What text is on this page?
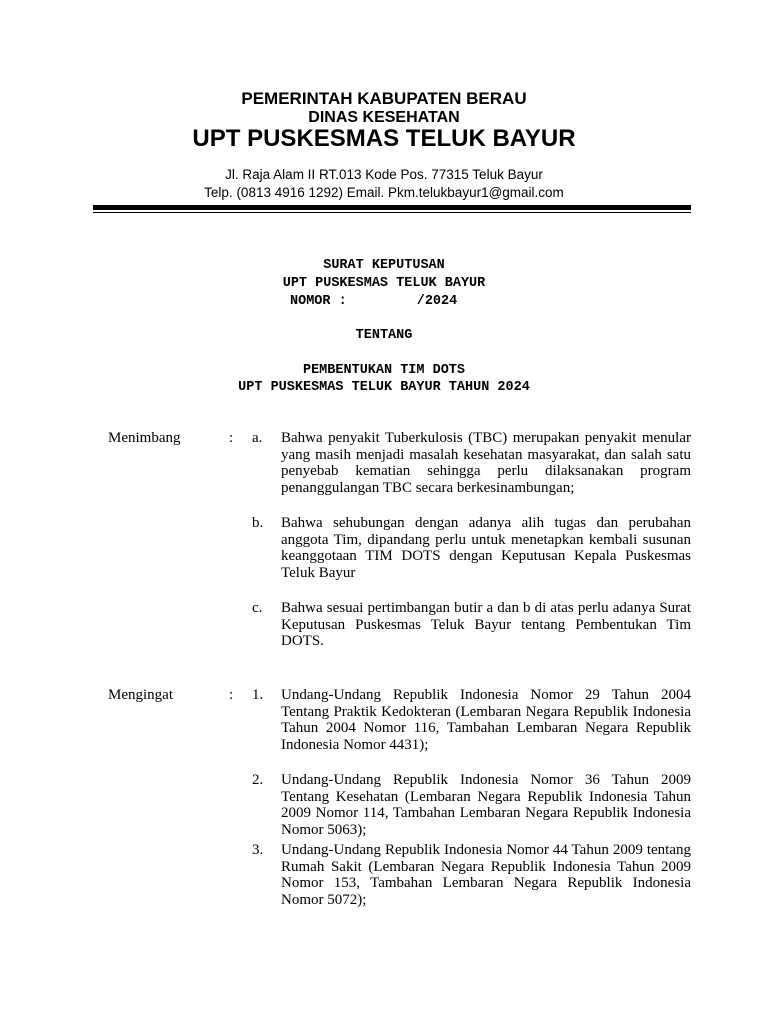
PEMERINTAH KABUPATEN BERAU
DINAS KESEHATAN
UPT PUSKESMAS TELUK BAYUR
Jl. Raja Alam II RT.013 Kode Pos. 77315 Teluk Bayur
Telp. (0813 4916 1292) Email. Pkm.telukbayur1@gmail.com
SURAT KEPUTUSAN
UPT PUSKESMAS TELUK BAYUR
NOMOR :	/2024
TENTANG
PEMBENTUKAN TIM DOTS
UPT PUSKESMAS TELUK BAYUR TAHUN 2024
Menimbang	: a. Bahwa penyakit Tuberkulosis (TBC) merupakan penyakit menular yang masih menjadi masalah kesehatan masyarakat, dan salah satu penyebab kematian sehingga perlu dilaksanakan program penanggulangan TBC secara berkesinambungan;
b. Bahwa sehubungan dengan adanya alih tugas dan perubahan anggota Tim, dipandang perlu untuk menetapkan kembali susunan keanggotaan TIM DOTS dengan Keputusan Kepala Puskesmas Teluk Bayur
c. Bahwa sesuai pertimbangan butir a dan b di atas perlu adanya Surat Keputusan Puskesmas Teluk Bayur tentang Pembentukan Tim DOTS.
Mengingat	: 1. Undang-Undang Republik Indonesia Nomor 29 Tahun 2004 Tentang Praktik Kedokteran (Lembaran Negara Republik Indonesia Tahun 2004 Nomor 116, Tambahan Lembaran Negara Republik Indonesia Nomor 4431);
2. Undang-Undang Republik Indonesia Nomor 36 Tahun 2009 Tentang Kesehatan (Lembaran Negara Republik Indonesia Tahun 2009 Nomor 114, Tambahan Lembaran Negara Republik Indonesia Nomor 5063);
3. Undang-Undang Republik Indonesia Nomor 44 Tahun 2009 tentang Rumah Sakit (Lembaran Negara Republik Indonesia Tahun 2009 Nomor 153, Tambahan Lembaran Negara Republik Indonesia Nomor 5072);
